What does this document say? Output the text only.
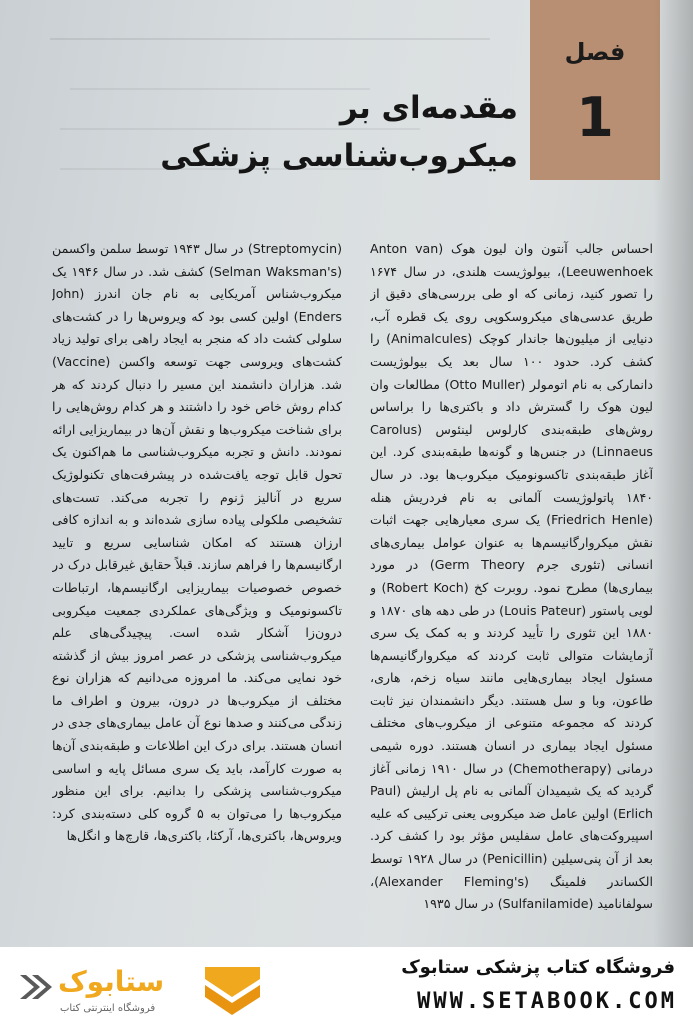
فصل
1
مقدمه‌ای بر
میکروب‌شناسی پزشکی
احساس جالب آنتون وان لیون هوک (Anton van Leeuwenhoek)، بیولوژیست هلندی، در سال ۱۶۷۴ را تصور کنید، زمانی که او طی بررسی‌های دقیق از طریق عدسی‌های میکروسکوپی روی یک قطره آب، دنیایی از میلیون‌ها جاندار کوچک (Animalcules) را کشف کرد. حدود ۱۰۰ سال بعد یک بیولوژیست دانمارکی به نام اتومولر (Otto Muller) مطالعات وان لیون هوک را گسترش داد و باکتری‌ها را براساس روش‌های طبقه‌بندی کارلوس لینئوس (Carolus Linnaeus) در جنس‌ها و گونه‌ها طبقه‌بندی کرد. این آغاز طبقه‌بندی تاکسونومیک میکروب‌ها بود. در سال ۱۸۴۰ پاتولوژیست آلمانی به نام فردریش هنله (Friedrich Henle) یک سری معیارهایی جهت اثبات نقش میکروارگانیسم‌ها به عنوان عوامل بیماری‌های انسانی (تئوری جرم Germ Theory) در مورد بیماری‌ها) مطرح نمود. روبرت کخ (Robert Koch) و لویی پاستور (Louis Pateur) در طی دهه های ۱۸۷۰ و ۱۸۸۰ این تئوری را تأیید کردند و به کمک یک سری آزمایشات متوالی ثابت کردند که میکروارگانیسم‌ها مسئول ایجاد بیماری‌هایی مانند سیاه زخم، هاری، طاعون، وبا و سل هستند. دیگر دانشمندان نیز ثابت کردند که مجموعه متنوعی از میکروب‌های مختلف مسئول ایجاد بیماری در انسان هستند. دوره شیمی درمانی (Chemotherapy) در سال ۱۹۱۰ زمانی آغاز گردید که یک شیمیدان آلمانی به نام پل ارلیش (Paul Erlich) اولین عامل ضد میکروبی یعنی ترکیبی که علیه اسپیروکت‌های عامل سفلیس مؤثر بود را کشف کرد. بعد از آن پنی‌سیلین (Penicillin) در سال ۱۹۲۸ توسط الکساندر فلمینگ (Alexander Fleming's)، سولفانامید (Sulfanilamide) در سال ۱۹۳۵
(Streptomycin) در سال ۱۹۴۳ توسط سلمن واکسمن (Selman Waksman's) کشف شد. در سال ۱۹۴۶ یک میکروب‌شناس آمریکایی به نام جان اندرز (John Enders) اولین کسی بود که ویروس‌ها را در کشت‌های سلولی کشت داد که منجر به ایجاد راهی برای تولید زیاد کشت‌های ویروسی جهت توسعه واکسن (Vaccine) شد. هزاران دانشمند این مسیر را دنبال کردند که هر کدام روش خاص خود را داشتند و هر کدام روش‌هایی را برای شناخت میکروب‌ها و نقش آن‌ها در بیماریزایی ارائه نمودند. دانش و تجربه میکروب‌شناسی ما هم‌اکنون یک تحول قابل توجه یافت‌شده در پیشرفت‌های تکنولوژیک سریع در آنالیز ژنوم را تجربه می‌کند. تست‌های تشخیصی ملکولی پیاده سازی شده‌اند و به اندازه کافی ارزان هستند که امکان شناسایی سریع و تایید ارگانیسم‌ها را فراهم سازند. قبلاً حقایق غیرقابل درک در خصوص خصوصیات بیماریزایی ارگانیسم‌ها، ارتباطات تاکسونومیک و ویژگی‌های عملکردی جمعیت میکروبی درون‌زا آشکار شده است. پیچیدگی‌های علم میکروب‌شناسی پزشکی در عصر امروز بیش از گذشته خود نمایی می‌کند. ما امروزه می‌دانیم که هزاران نوع مختلف از میکروب‌ها در درون، بیرون و اطراف ما زندگی می‌کنند و صدها نوع آن عامل بیماری‌های جدی در انسان هستند. برای درک این اطلاعات و طبقه‌بندی آن‌ها به صورت کارآمد، باید یک سری مسائل پایه و اساسی میکروب‌شناسی پزشکی را بدانیم. برای این منظور میکروب‌ها را می‌توان به ۵ گروه کلی دسته‌بندی کرد: ویروس‌ها، باکتری‌ها، آرکئا، باکتری‌ها، قارچ‌ها و انگل‌ها
ستابوک
فروشگاه اینترنتی کتاب
فروشگاه کتاب پزشکی ستابوک
WWW.SETABOOK.COM
